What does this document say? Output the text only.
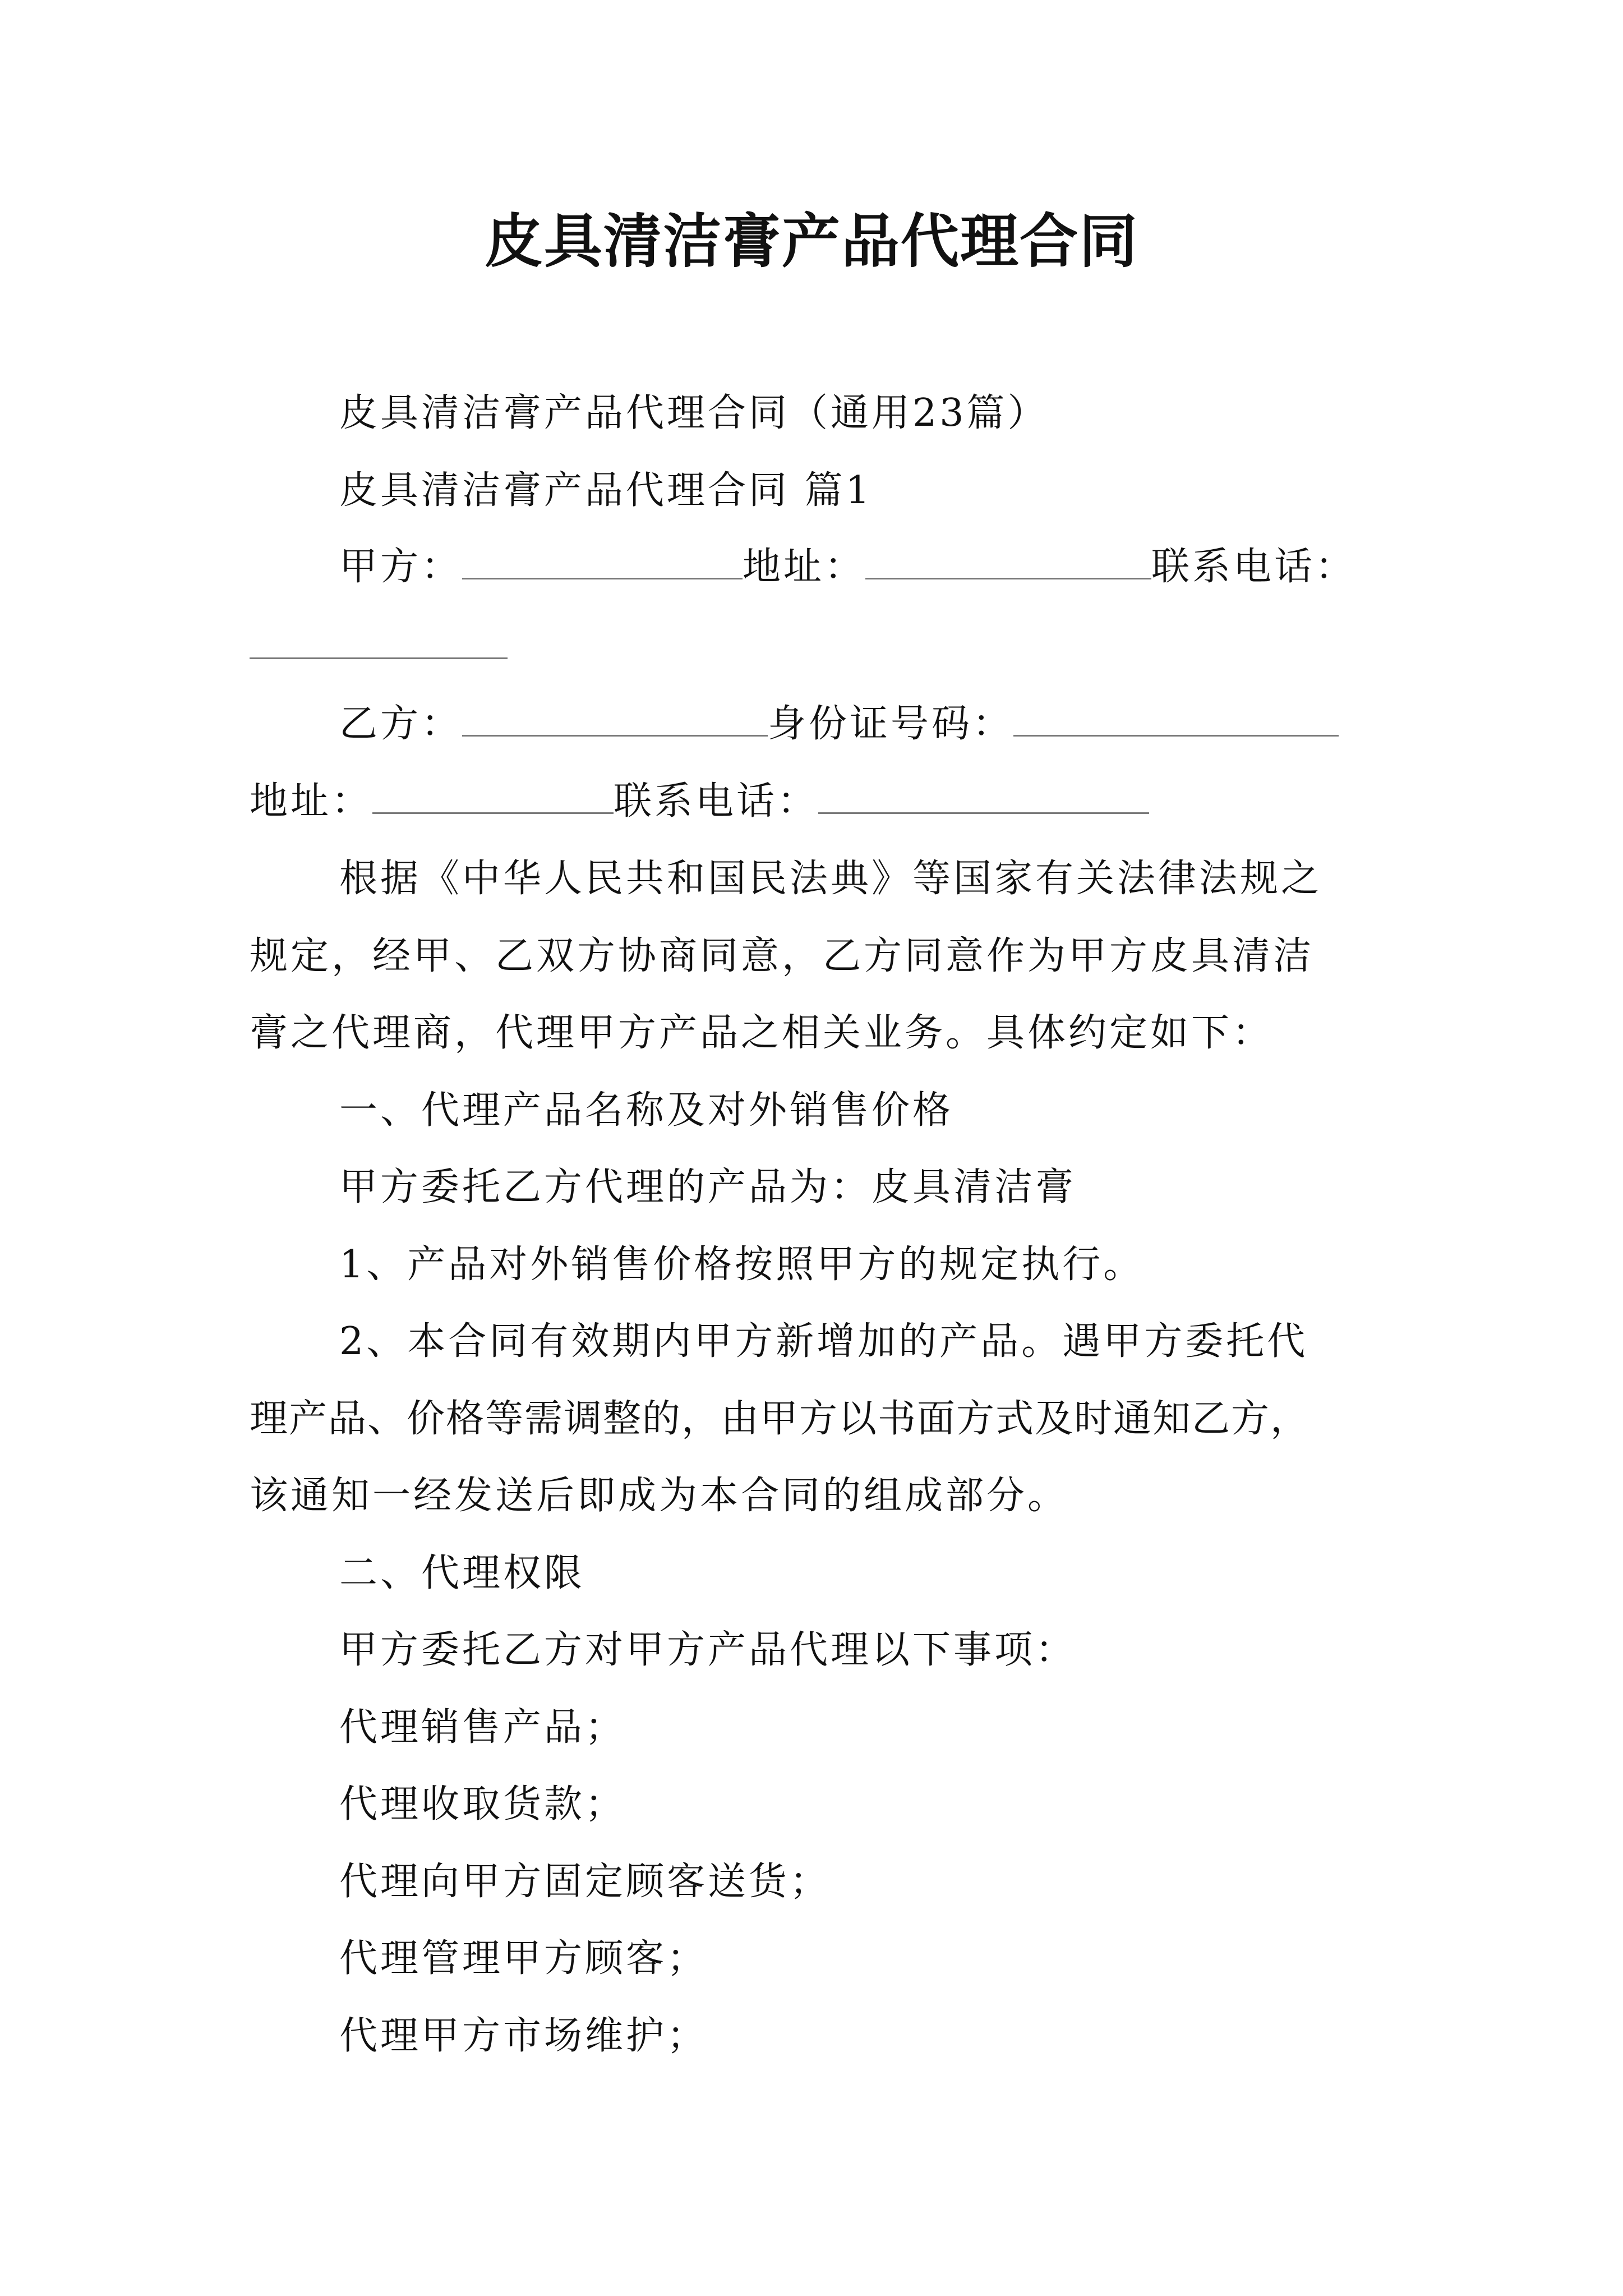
皮具清洁膏产品代理合同
皮具清洁膏产品代理合同（通用23篇）
皮具清洁膏产品代理合同 篇1
甲方：	地址：	联系电话：
乙方：	身份证号码：
地址：	联系电话：
根据《中华人民共和国民法典》等国家有关法律法规之
规定，经甲、乙双方协商同意，乙方同意作为甲方皮具清洁
膏之代理商，代理甲方产品之相关业务。具体约定如下：
一、代理产品名称及对外销售价格
甲方委托乙方代理的产品为：皮具清洁膏
1、产品对外销售价格按照甲方的规定执行。
2、本合同有效期内甲方新增加的产品。遇甲方委托代
理产品、价格等需调整的，由甲方以书面方式及时通知乙方，
该通知一经发送后即成为本合同的组成部分。
二、代理权限
甲方委托乙方对甲方产品代理以下事项：
代理销售产品；
代理收取货款；
代理向甲方固定顾客送货；
代理管理甲方顾客；
代理甲方市场维护；
